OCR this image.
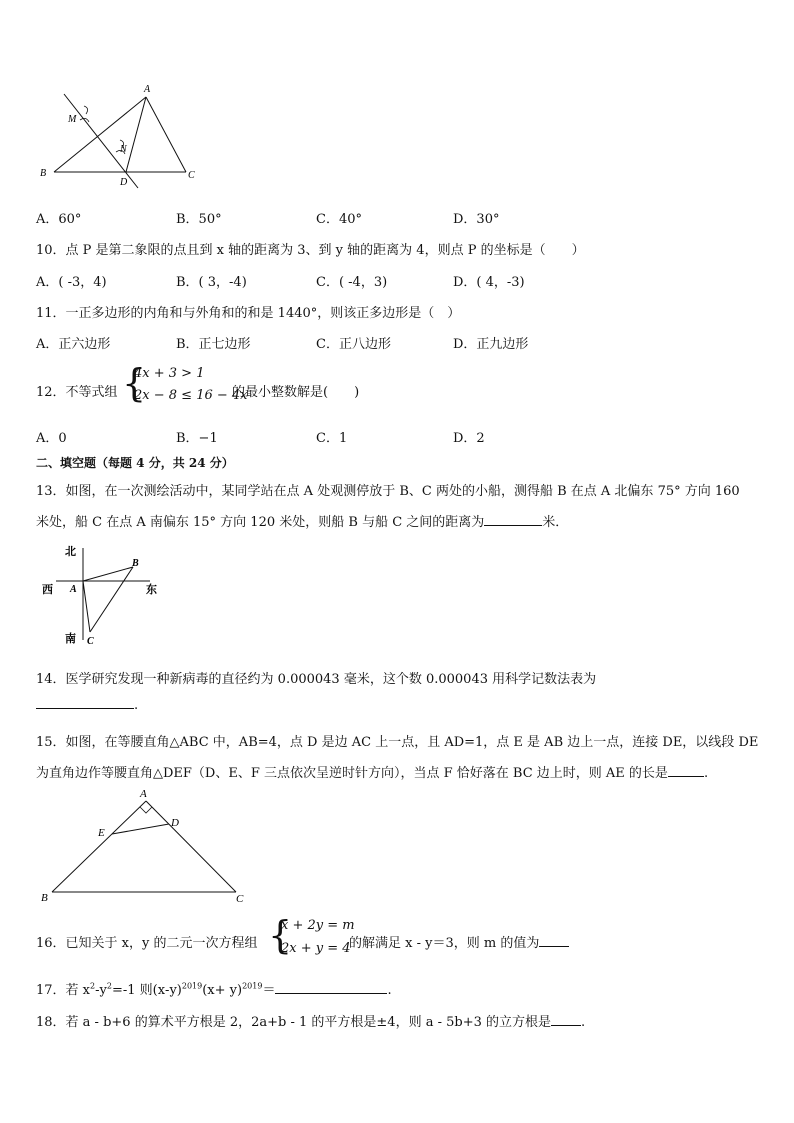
A
B	C
D
M
N
A．60°	B．50°	C．40°	D．30°
10．点 P 是第二象限的点且到 x 轴的距离为 3、到 y 轴的距离为 4，则点 P 的坐标是（　　）
A．( ‑3，4)	B．( 3，‑4)	C．( ‑4，3)	D．( 4，‑3)
11．一正多边形的内角和与外角和的和是 1440°，则该正多边形是（　）
A．正六边形	B．正七边形	C．正八边形	D．正九边形
12．不等式组 {
4x + 3 > 1
2x − 8 ≤ 16 − 4x
的最小整数解是(　　)
A．0	B．−1	C．1	D．2
二、填空题（每题 4 分，共 24 分）
13．如图，在一次测绘活动中，某同学站在点 A 处观测停放于 B、C 两处的小船，测得船 B 在点 A 北偏东 75° 方向 160
米处，船 C 在点 A 南偏东 15° 方向 120 米处，则船 B 与船 C 之间的距离为	米．
北
南
西	东
A
B
C
14．医学研究发现一种新病毒的直径约为 0.000043 毫米，这个数 0.000043 用科学记数法表为
.
15．如图，在等腰直角△ABC 中，AB=4，点 D 是边 AC 上一点，且 AD=1，点 E 是 AB 边上一点，连接 DE，以线段 DE
为直角边作等腰直角△DEF（D、E、F 三点依次呈逆时针方向），当点 F 恰好落在 BC 边上时，则 AE 的长是	.
A
B	C
D
E
16．已知关于 x，y 的二元一次方程组 {
x + 2y = m
2x + y = 4
的解满足 x ‑ y＝3，则 m 的值为
17．若 $x^2‑y^2=‑1$ 则(x‑y)$^{2019}$(x+ y)$^{2019}$＝	.
18．若 a ‑ b+6 的算术平方根是 2，2a+b ‑ 1 的平方根是±4，则 a ‑ 5b+3 的立方根是 .
